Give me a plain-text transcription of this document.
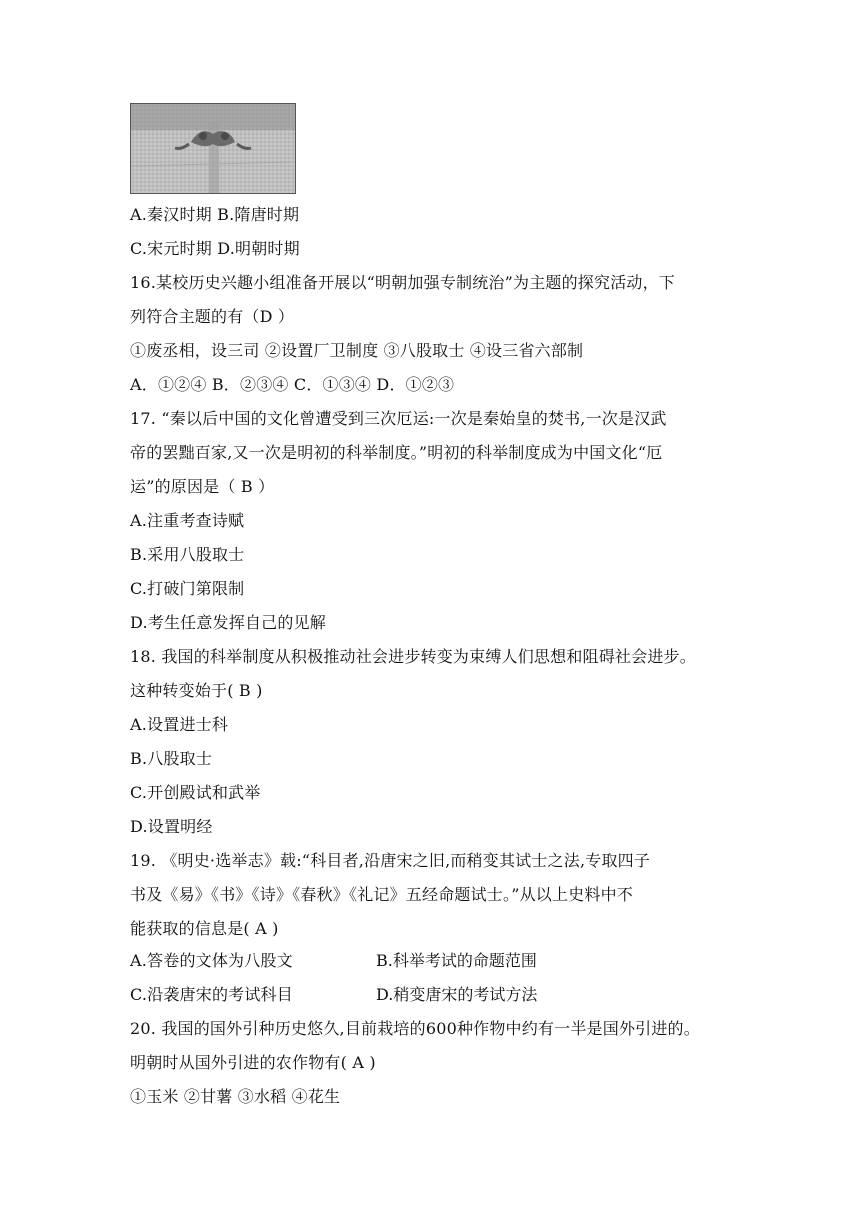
A.秦汉时期 B.隋唐时期
C.宋元时期 D.明朝时期
16.某校历史兴趣小组准备开展以“明朝加强专制统治”为主题的探究活动，下
列符合主题的有（D ）
①废丞相，设三司 ②设置厂卫制度 ③八股取士 ④设三省六部制
A．①②④ B．②③④ C．①③④ D．①②③
17. “秦以后中国的文化曾遭受到三次厄运:一次是秦始皇的焚书,一次是汉武
帝的罢黜百家,又一次是明初的科举制度。”明初的科举制度成为中国文化“厄
运”的原因是（ B ）
A.注重考查诗赋
B.采用八股取士
C.打破门第限制
D.考生任意发挥自己的见解
18. 我国的科举制度从积极推动社会进步转变为束缚人们思想和阻碍社会进步。
这种转变始于( B )
A.设置进士科
B.八股取士
C.开创殿试和武举
D.设置明经
19. 《明史·选举志》载:“科目者,沿唐宋之旧,而稍变其试士之法,专取四子
书及《易》《书》《诗》《春秋》《礼记》五经命题试士。”从以上史料中不
能获取的信息是( A )
A.答卷的文体为八股文	B.科举考试的命题范围
C.沿袭唐宋的考试科目	D.稍变唐宋的考试方法
20. 我国的国外引种历史悠久,目前栽培的600种作物中约有一半是国外引进的。
明朝时从国外引进的农作物有( A )
①玉米 ②甘薯 ③水稻 ④花生
